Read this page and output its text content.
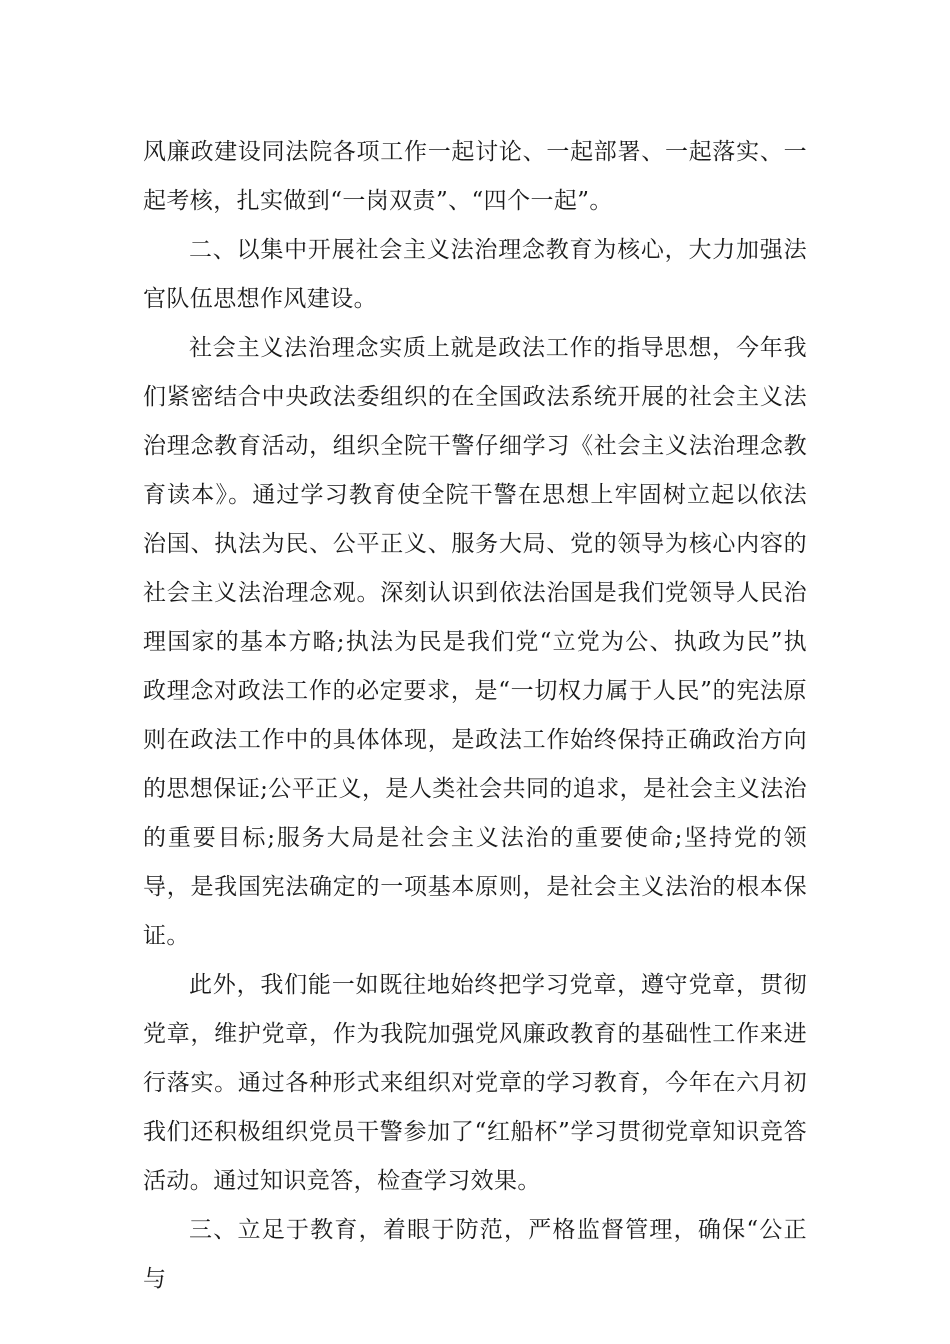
风廉政建设同法院各项工作一起讨论、一起部署、一起落实、一起考核，扎实做到“一岗双责”、“四个一起”。

二、以集中开展社会主义法治理念教育为核心，大力加强法官队伍思想作风建设。

社会主义法治理念实质上就是政法工作的指导思想，今年我们紧密结合中央政法委组织的在全国政法系统开展的社会主义法治理念教育活动，组织全院干警仔细学习《社会主义法治理念教育读本》。通过学习教育使全院干警在思想上牢固树立起以依法治国、执法为民、公平正义、服务大局、党的领导为核心内容的社会主义法治理念观。深刻认识到依法治国是我们党领导人民治理国家的基本方略;执法为民是我们党“立党为公、执政为民”执政理念对政法工作的必定要求，是“一切权力属于人民”的宪法原则在政法工作中的具体体现，是政法工作始终保持正确政治方向的思想保证;公平正义，是人类社会共同的追求，是社会主义法治的重要目标;服务大局是社会主义法治的重要使命;坚持党的领导，是我国宪法确定的一项基本原则，是社会主义法治的根本保证。

此外，我们能一如既往地始终把学习党章，遵守党章，贯彻党章，维护党章，作为我院加强党风廉政教育的基础性工作来进行落实。通过各种形式来组织对党章的学习教育，今年在六月初我们还积极组织党员干警参加了“红船杯”学习贯彻党章知识竞答活动。通过知识竞答，检查学习效果。

三、立足于教育，着眼于防范，严格监督管理，确保“公正与
